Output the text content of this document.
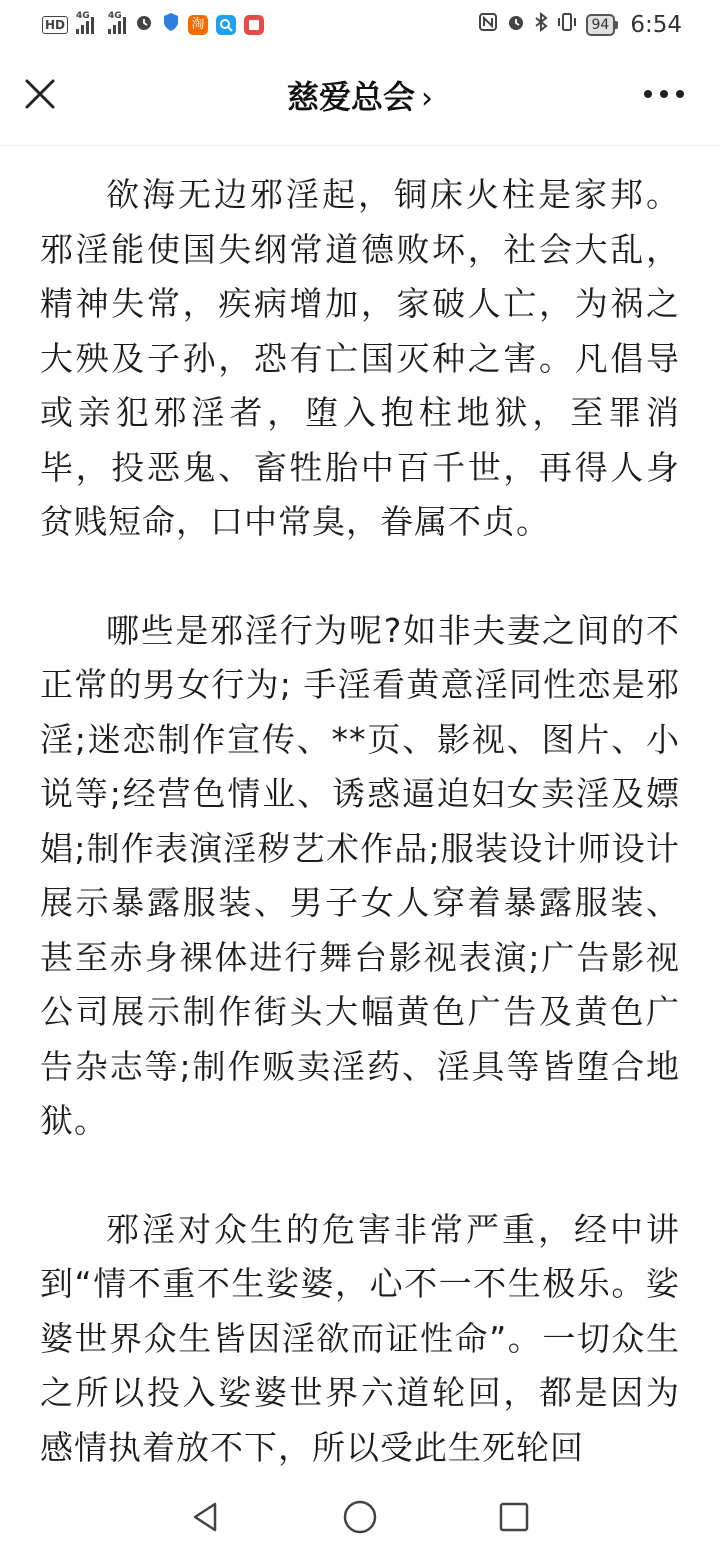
HD
4G 4G
淘	94 6:54
慈爱总会 ›

欲海无边邪淫起，铜床火柱是家邦。邪淫能使国失纲常道德败坏，社会大乱，精神失常，疾病增加，家破人亡，为祸之大殃及子孙，恐有亡国灭种之害。凡倡导或亲犯邪淫者，堕入抱柱地狱，至罪消毕，投恶鬼、畜牲胎中百千世，再得人身贫贱短命，口中常臭，眷属不贞。

哪些是邪淫行为呢?如非夫妻之间的不正常的男女行为; 手淫看黄意淫同性恋是邪淫;迷恋制作宣传、**页、影视、图片、小说等;经营色情业、诱惑逼迫妇女卖淫及嫖娼;制作表演淫秽艺术作品;服装设计师设计展示暴露服装、男子女人穿着暴露服装、甚至赤身裸体进行舞台影视表演;广告影视公司展示制作街头大幅黄色广告及黄色广告杂志等;制作贩卖淫药、淫具等皆堕合地狱。

邪淫对众生的危害非常严重，经中讲到“情不重不生娑婆，心不一不生极乐。娑婆世界众生皆因淫欲而证性命”。一切众生之所以投入娑婆世界六道轮回，都是因为感情执着放不下，所以受此生死轮回
